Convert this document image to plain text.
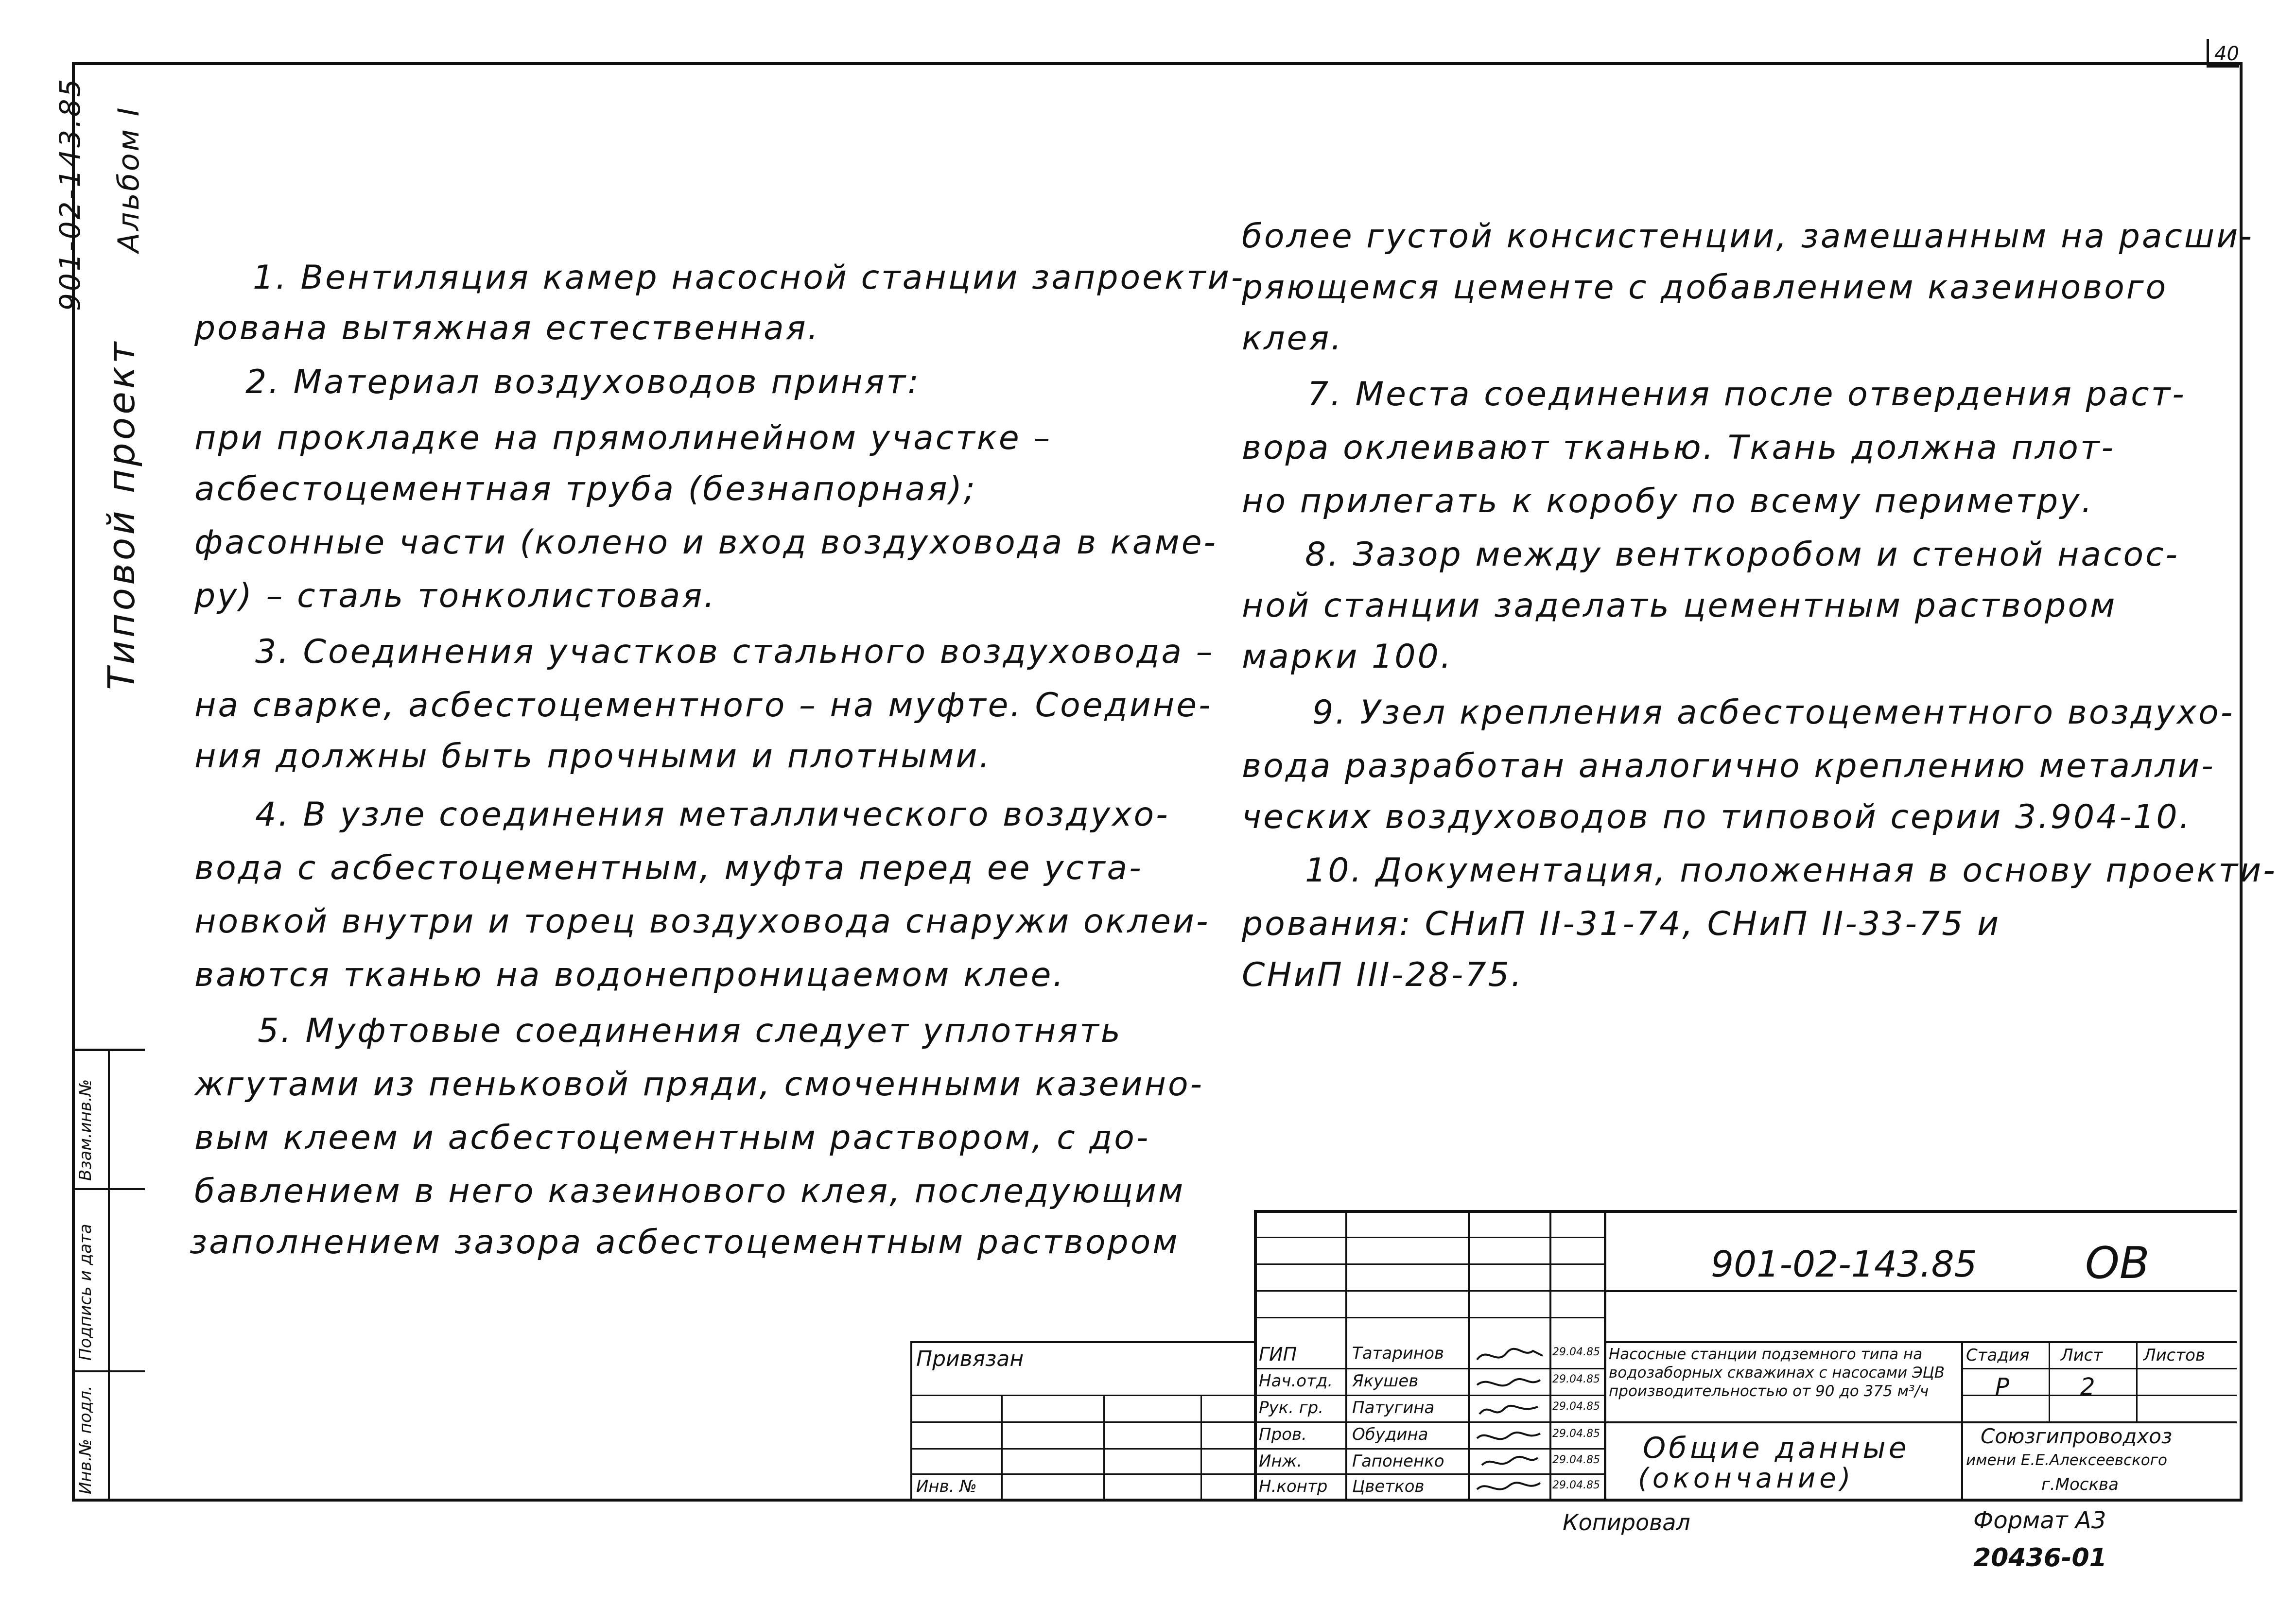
40
901-02-143.85 Альбом I
Типовой проект
Взам.инв.№
Подпись и дата
Инв.№ подл.
1. Вентиляция камер насосной станции запроекти-
рована вытяжная естественная.
2. Материал воздуховодов принят:
при прокладке на прямолинейном участке –
асбестоцементная труба (безнапорная);
фасонные части (колено и вход воздуховода в каме-
ру) – сталь тонколистовая.
3. Соединения участков стального воздуховода –
на сварке, асбестоцементного – на муфте. Соедине-
ния должны быть прочными и плотными.
4. В узле соединения металлического воздухо-
вода с асбестоцементным, муфта перед ее уста-
новкой внутри и торец воздуховода снаружи оклеи-
ваются тканью на водонепроницаемом клее.
5. Муфтовые соединения следует уплотнять
жгутами из пеньковой пряди, смоченными казеино-
вым клеем и асбестоцементным раствором, с до-
бавлением в него казеинового клея, последующим
заполнением зазора асбестоцементным раствором
более густой консистенции, замешанным на расши-
ряющемся цементе с добавлением казеинового
клея.
7. Места соединения после отвердения раст-
вора оклеивают тканью. Ткань должна плот-
но прилегать к коробу по всему периметру.
8. Зазор между венткоробом и стеной насос-
ной станции заделать цементным раствором
марки 100.
9. Узел крепления асбестоцементного воздухо-
вода разработан аналогично креплению металли-
ческих воздуховодов по типовой серии 3.904-10.
10. Документация, положенная в основу проекти-
рования: СНиП II-31-74, СНиП II-33-75 и
СНиП III-28-75.
Привязан
Инв. №
901-02-143.85 ОВ
ГИП
Нач.отд.
Рук. гр.
Пров.
Инж.
Н.контр
Татаринов
Якушев
Патугина
Обудина
Гапоненко
Цветков
29.04.85
29.04.85
29.04.85
29.04.85
29.04.85
29.04.85
Насосные станции подземного типа на водозаборных скважинах с насосами ЭЦВ производительностью от 90 до 375 м³/ч
Стадия Лист Листов
Р	2
Общие данные
(окончание)
Союзгипроводхоз
имени Е.Е.Алексеевского
г.Москва
Копировал	Формат А3
20436-01
